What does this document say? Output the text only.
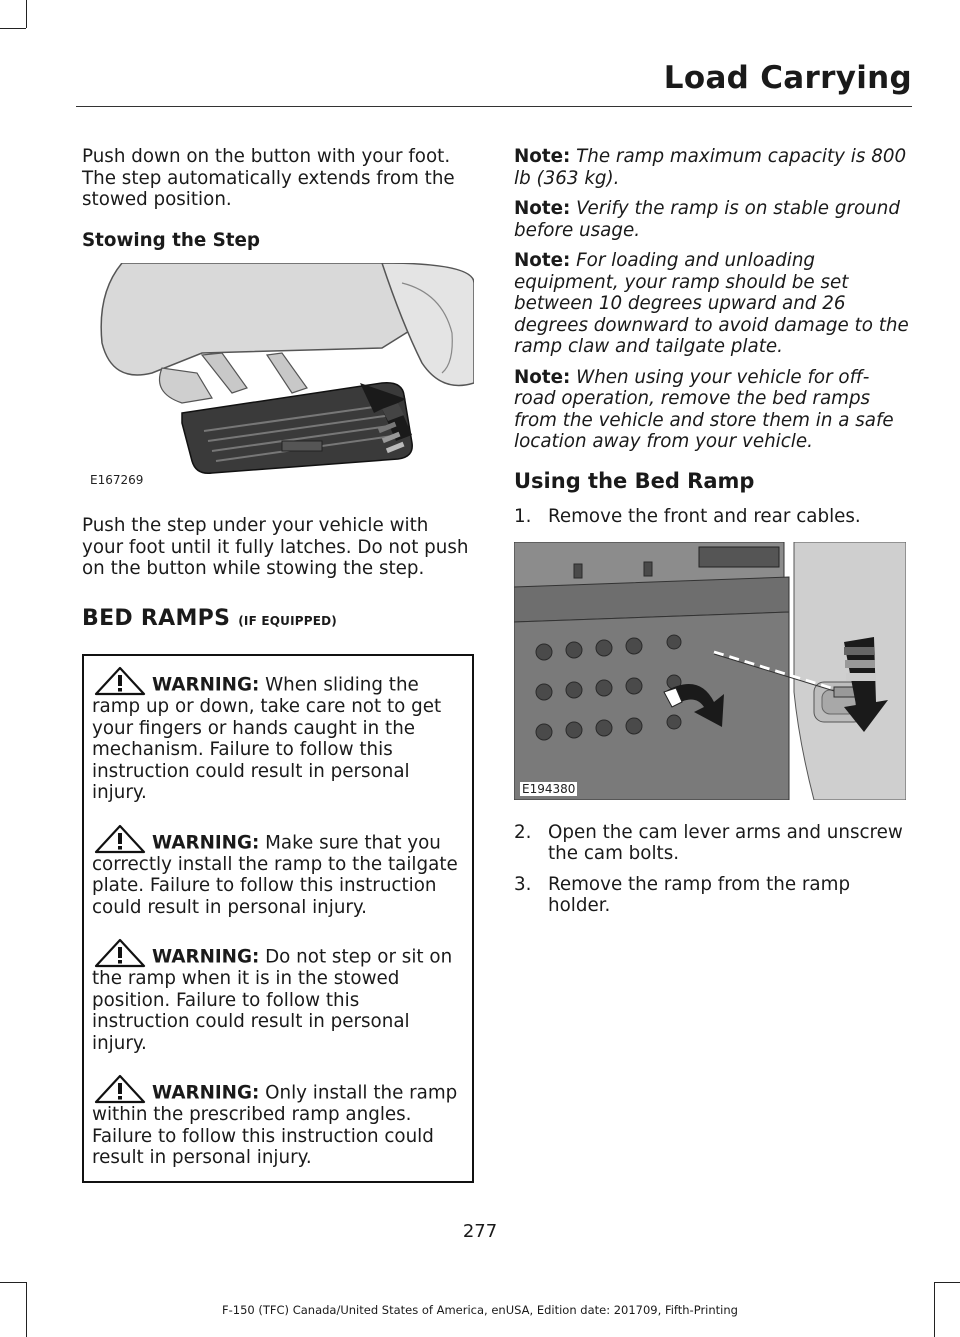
Load Carrying

Push down on the button with your foot. The step automatically extends from the stowed position.

Stowing the Step

E167269

Push the step under your vehicle with your foot until it fully latches. Do not push on the button while stowing the step.

BED RAMPS (IF EQUIPPED)

WARNING: When sliding the ramp up or down, take care not to get your fingers or hands caught in the mechanism. Failure to follow this instruction could result in personal injury.
WARNING: Make sure that you correctly install the ramp to the tailgate plate. Failure to follow this instruction could result in personal injury.
WARNING: Do not step or sit on the ramp when it is in the stowed position. Failure to follow this instruction could result in personal injury.
WARNING: Only install the ramp within the prescribed ramp angles. Failure to follow this instruction could result in personal injury.

Note: The ramp maximum capacity is 800 lb (363 kg).

Note: Verify the ramp is on stable ground before usage.

Note: For loading and unloading equipment, your ramp should be set between 10 degrees upward and 26 degrees downward to avoid damage to the ramp claw and tailgate plate.

Note: When using your vehicle for off-road operation, remove the bed ramps from the vehicle and store them in a safe location away from your vehicle.

Using the Bed Ramp

1. Remove the front and rear cables.
E194380
2. Open the cam lever arms and unscrew the cam bolts.
3. Remove the ramp from the ramp holder.
277
F-150 (TFC) Canada/United States of America, enUSA, Edition date: 201709, Fifth-Printing
